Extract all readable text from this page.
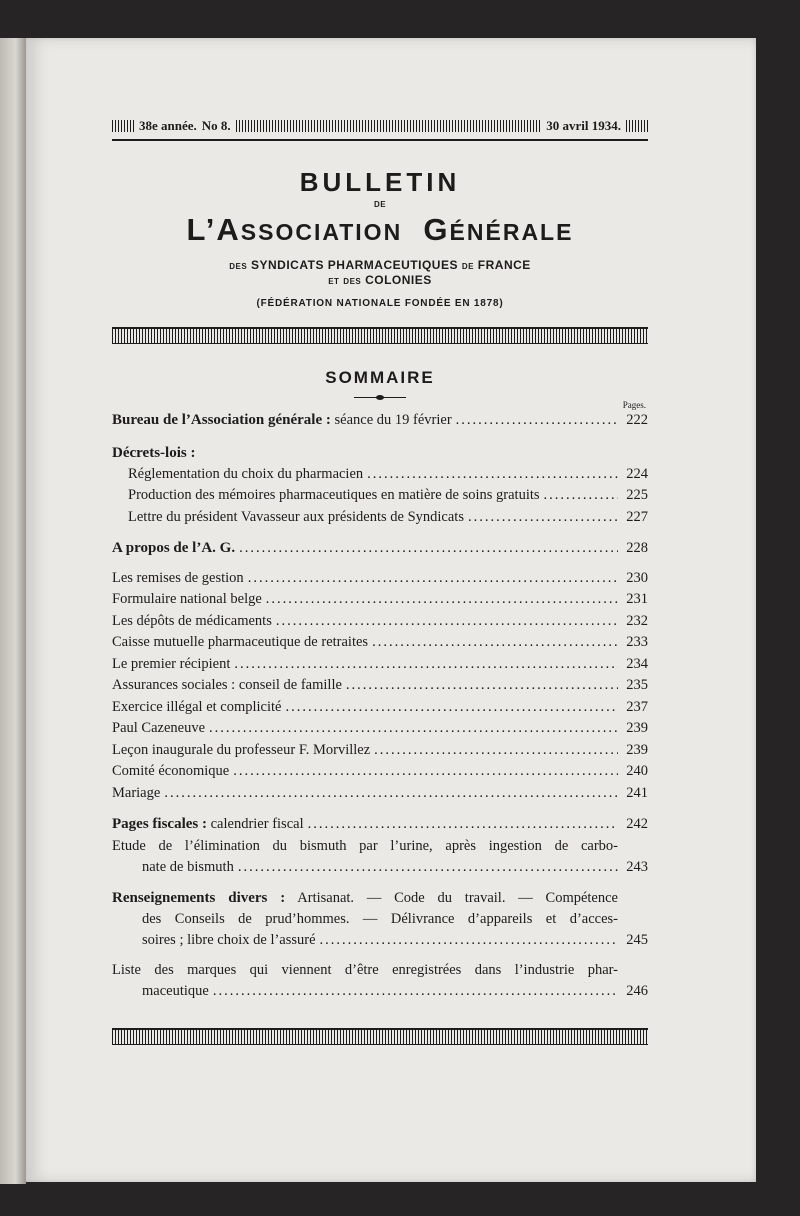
38e année. No 8.	30 avril 1934.
BULLETIN
DE
L’ASSOCIATION GÉNÉRALE
DES SYNDICATS PHARMACEUTIQUES DE FRANCE
ET DES COLONIES
(FÉDÉRATION NATIONALE FONDÉE EN 1878)
SOMMAIRE
Pages.
Bureau de l’Association générale : séance du 19 février .....	222
Décrets-lois :
Réglementation du choix du pharmacien .....	224
Production des mémoires pharmaceutiques en matière de soins gratuits .....	225
Lettre du président Vavasseur aux présidents de Syndicats .....	227
A propos de l’A. G. .....	228
Les remises de gestion .....	230
Formulaire national belge .....	231
Les dépôts de médicaments .....	232
Caisse mutuelle pharmaceutique de retraites .....	233
Le premier récipient .....	234
Assurances sociales : conseil de famille .....	235
Exercice illégal et complicité .....	237
Paul Cazeneuve .....	239
Leçon inaugurale du professeur F. Morvillez .....	239
Comité économique .....	240
Mariage .....	241
Pages fiscales : calendrier fiscal .....	242
Etude de l’élimination du bismuth par l’urine, après ingestion de carbo-
nate de bismuth .....	243
Renseignements divers : Artisanat. — Code du travail. — Compétence
des Conseils de prud’hommes. — Délivrance d’appareils et d’acces-
soires ; libre choix de l’assuré .....	245
Liste des marques qui viennent d’être enregistrées dans l’industrie phar-
maceutique .....	246
